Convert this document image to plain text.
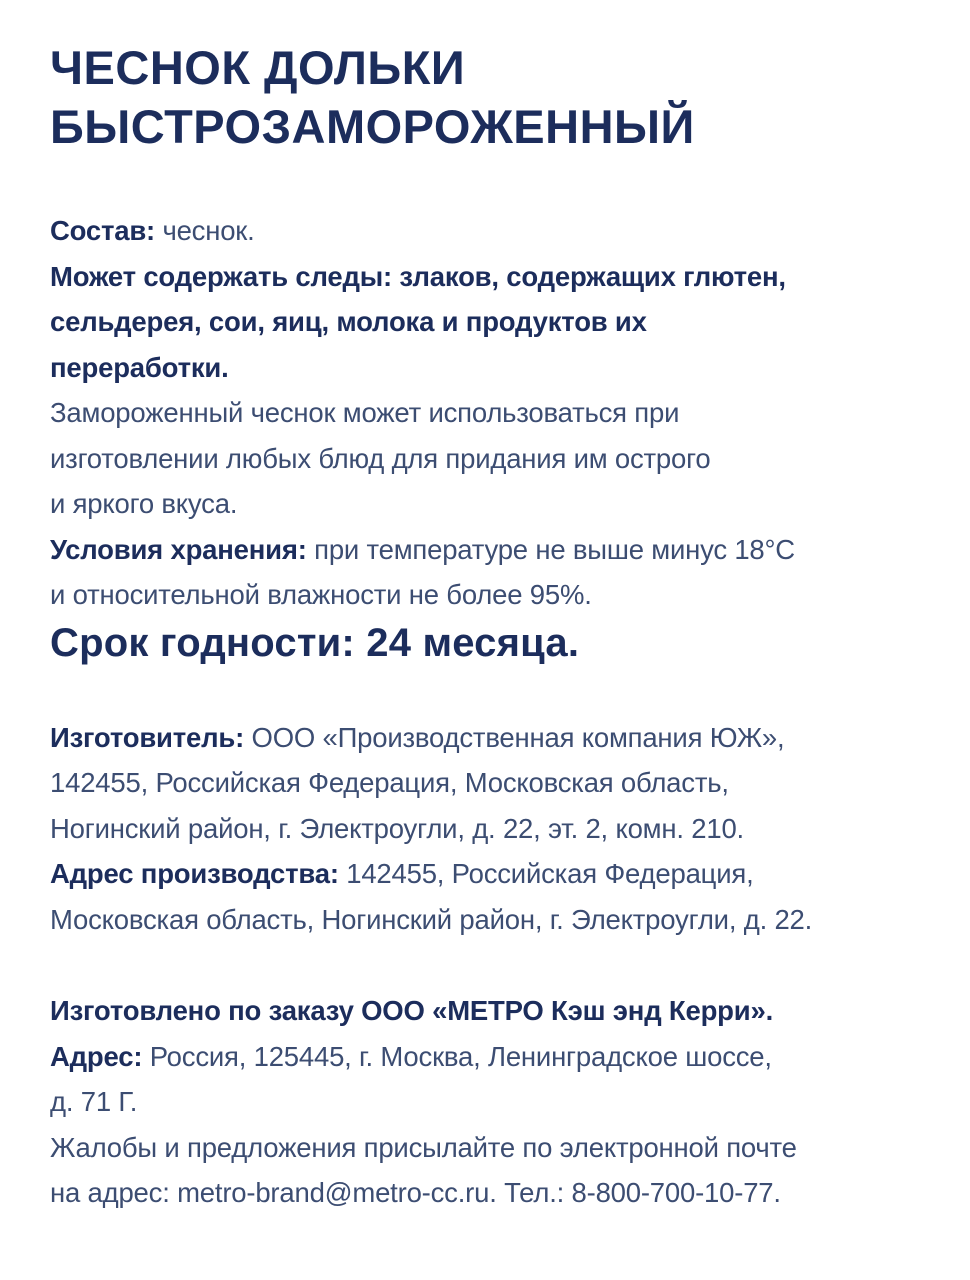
ЧЕСНОК ДОЛЬКИ
БЫСТРОЗАМОРОЖЕННЫЙ

Состав: чеснок.

Может содержать следы: злаков, содержащих глютен,
сельдерея, сои, яиц, молока и продуктов их
переработки.

Замороженный чеснок может использоваться при
изготовлении любых блюд для придания им острого
и яркого вкуса.

Условия хранения: при температуре не выше минус 18°C
и относительной влажности не более 95%.

Срок годности: 24 месяца.

Изготовитель: ООО «Производственная компания ЮЖ»,
142455, Российская Федерация, Московская область,
Ногинский район, г. Электроугли, д. 22, эт. 2, комн. 210.

Адрес производства: 142455, Российская Федерация,
Московская область, Ногинский район, г. Электроугли, д. 22.

Изготовлено по заказу ООО «МЕТРО Кэш энд Керри».

Адрес: Россия, 125445, г. Москва, Ленинградское шоссе,
д. 71 Г.

Жалобы и предложения присылайте по электронной почте
на адрес: metro-brand@metro-cc.ru. Тел.: 8-800-700-10-77.
